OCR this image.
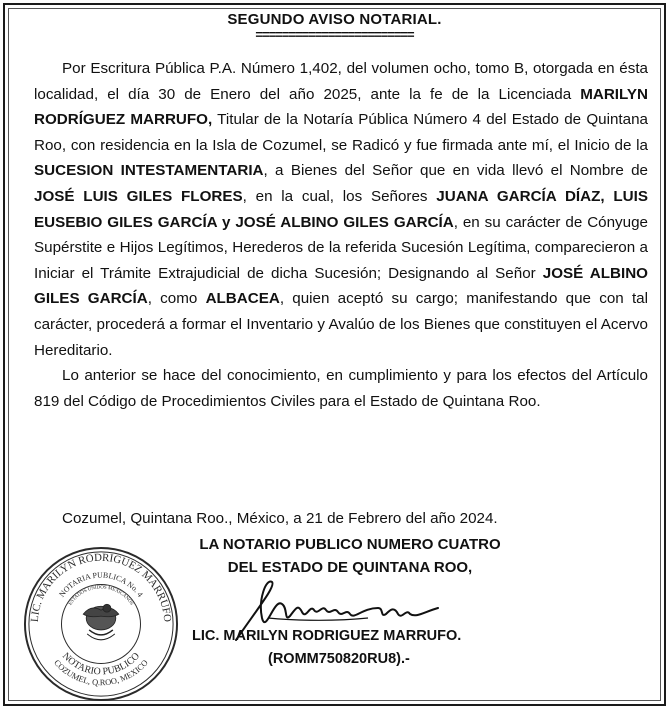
SEGUNDO AVISO NOTARIAL.
========================

Por Escritura Pública P.A. Número 1,402, del volumen ocho, tomo B, otorgada en ésta localidad, el día 30 de Enero del año 2025, ante la fe de la Licenciada MARILYN RODRÍGUEZ MARRUFO, Titular de la Notaría Pública Número 4 del Estado de Quintana Roo, con residencia en la Isla de Cozumel, se Radicó y fue firmada ante mí, el Inicio de la SUCESION INTESTAMENTARIA, a Bienes del Señor que en vida llevó el Nombre de JOSÉ LUIS GILES FLORES, en la cual, los Señores JUANA GARCÍA DÍAZ, LUIS EUSEBIO GILES GARCÍA y JOSÉ ALBINO GILES GARCÍA, en su carácter de Cónyuge Supérstite e Hijos Legítimos, Herederos de la referida Sucesión Legítima, comparecieron a Iniciar el Trámite Extrajudicial de dicha Sucesión; Designando al Señor JOSÉ ALBINO GILES GARCÍA, como ALBACEA, quien aceptó su cargo; manifestando que con tal carácter, procederá a formar el Inventario y Avalúo de los Bienes que constituyen el Acervo Hereditario.

Lo anterior se hace del conocimiento, en cumplimiento y para los efectos del Artículo 819 del Código de Procedimientos Civiles para el Estado de Quintana Roo.

Cozumel, Quintana Roo., México, a 21 de Febrero del año 2024.
LA NOTARIO PUBLICO NUMERO CUATRO
DEL ESTADO DE QUINTANA ROO,
LIC. MARILYN RODRIGUEZ MARRUFO
NOTARIA PUBLICA No. 4
ESTADOS UNIDOS MEXICANOS
NOTARIO PUBLICO
COZUMEL, Q.ROO, MEXICO
LIC. MARILYN RODRIGUEZ MARRUFO.
(ROMM750820RU8).-
